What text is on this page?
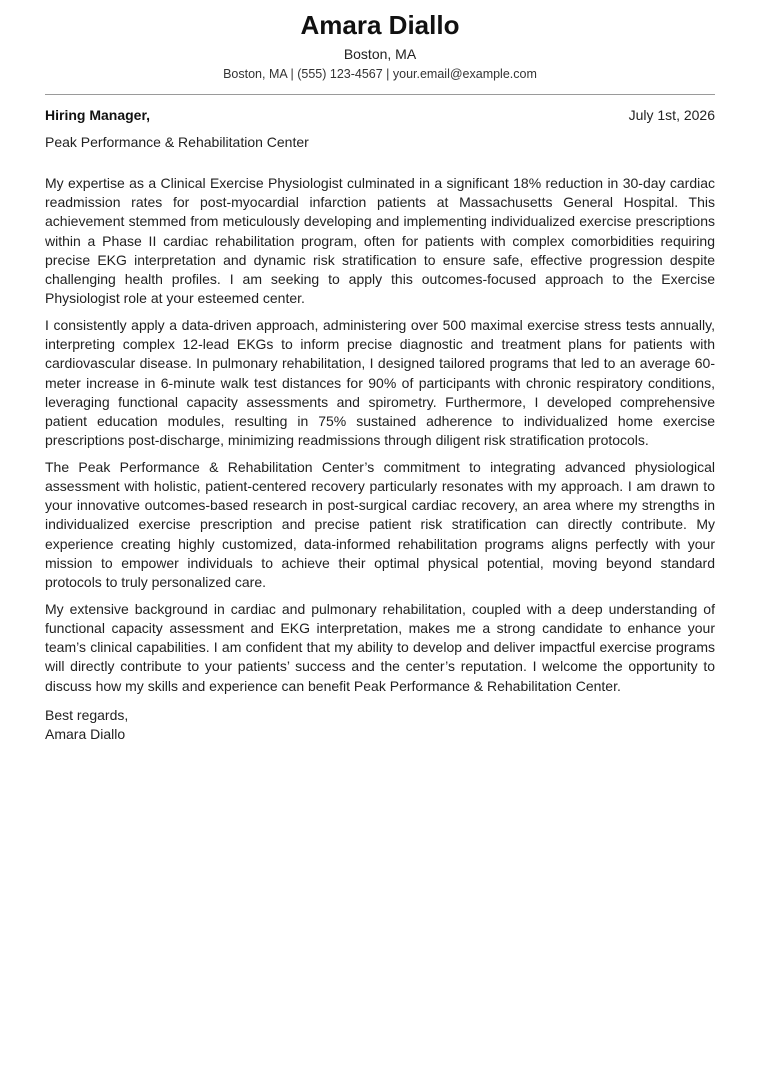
Amara Diallo
Boston, MA
Boston, MA | (555) 123-4567 | your.email@example.com
Hiring Manager,	July 1st, 2026
Peak Performance & Rehabilitation Center

My expertise as a Clinical Exercise Physiologist culminated in a significant 18% reduction in 30-day cardiac readmission rates for post-myocardial infarction patients at Massachusetts General Hospital. This achievement stemmed from meticulously developing and implementing individualized exercise prescriptions within a Phase II cardiac rehabilitation program, often for patients with complex comorbidities requiring precise EKG interpretation and dynamic risk stratification to ensure safe, effective progression despite challenging health profiles. I am seeking to apply this outcomes-focused approach to the Exercise Physiologist role at your esteemed center.

I consistently apply a data-driven approach, administering over 500 maximal exercise stress tests annually, interpreting complex 12-lead EKGs to inform precise diagnostic and treatment plans for patients with cardiovascular disease. In pulmonary rehabilitation, I designed tailored programs that led to an average 60-meter increase in 6-minute walk test distances for 90% of participants with chronic respiratory conditions, leveraging functional capacity assessments and spirometry. Furthermore, I developed comprehensive patient education modules, resulting in 75% sustained adherence to individualized home exercise prescriptions post-discharge, minimizing readmissions through diligent risk stratification protocols.

The Peak Performance & Rehabilitation Center’s commitment to integrating advanced physiological assessment with holistic, patient-centered recovery particularly resonates with my approach. I am drawn to your innovative outcomes-based research in post-surgical cardiac recovery, an area where my strengths in individualized exercise prescription and precise patient risk stratification can directly contribute. My experience creating highly customized, data-informed rehabilitation programs aligns perfectly with your mission to empower individuals to achieve their optimal physical potential, moving beyond standard protocols to truly personalized care.

My extensive background in cardiac and pulmonary rehabilitation, coupled with a deep understanding of functional capacity assessment and EKG interpretation, makes me a strong candidate to enhance your team’s clinical capabilities. I am confident that my ability to develop and deliver impactful exercise programs will directly contribute to your patients’ success and the center’s reputation. I welcome the opportunity to discuss how my skills and experience can benefit Peak Performance & Rehabilitation Center.

Best regards,
Amara Diallo
